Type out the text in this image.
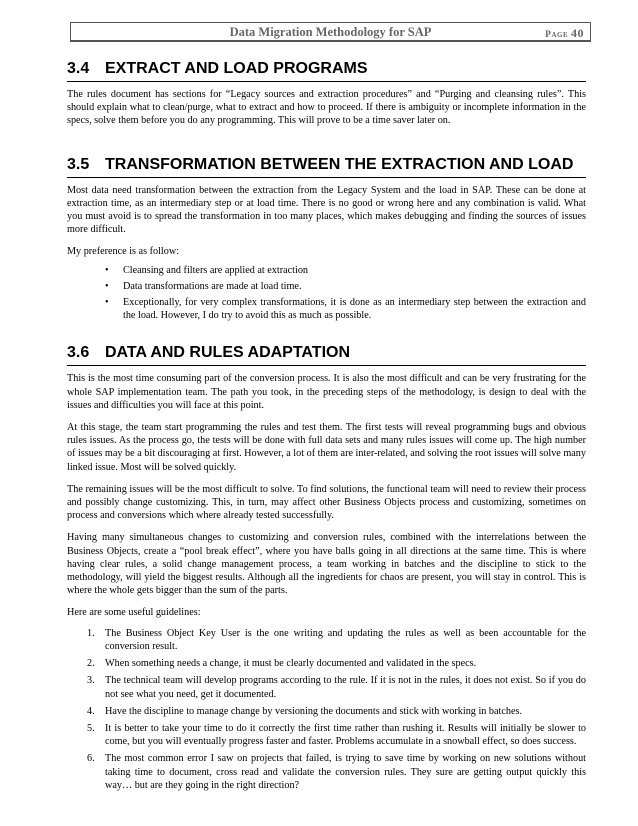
Data Migration Methodology for SAP	Page 40
3.4 EXTRACT AND LOAD PROGRAMS

The rules document has sections for “Legacy sources and extraction procedures” and “Purging and cleansing rules”. This should explain what to clean/purge, what to extract and how to proceed. If there is ambiguity or incomplete information in the specs, solve them before you do any programming. This will prove to be a time saver later on.

3.5 TRANSFORMATION BETWEEN THE EXTRACTION AND LOAD

Most data need transformation between the extraction from the Legacy System and the load in SAP. These can be done at extraction time, as an intermediary step or at load time. There is no good or wrong here and any combination is valid. What you must avoid is to spread the transformation in too many places, which makes debugging and finding the sources of issues more difficult.

My preference is as follow:

• Cleansing and filters are applied at extraction
• Data transformations are made at load time.
• Exceptionally, for very complex transformations, it is done as an intermediary step between the extraction and the load. However, I do try to avoid this as much as possible.
3.6 DATA AND RULES ADAPTATION

This is the most time consuming part of the conversion process. It is also the most difficult and can be very frustrating for the whole SAP implementation team. The path you took, in the preceding steps of the methodology, is design to deal with the issues and difficulties you will face at this point.

At this stage, the team start programming the rules and test them. The first tests will reveal programming bugs and obvious rules issues. As the process go, the tests will be done with full data sets and many rules issues will come up. The high number of issues may be a bit discouraging at first. However, a lot of them are inter-related, and solving the root issues will solve many linked issue. Most will be solved quickly.

The remaining issues will be the most difficult to solve. To find solutions, the functional team will need to review their process and possibly change customizing. This, in turn, may affect other Business Objects process and customizing, sometimes on process and conversions which where already tested successfully.

Having many simultaneous changes to customizing and conversion rules, combined with the interrelations between the Business Objects, create a “pool break effect”, where you have balls going in all directions at the same time. This is where having clear rules, a solid change management process, a team working in batches and the discipline to stick to the methodology, will yield the biggest results. Although all the ingredients for chaos are present, you will stay in control. This is where the whole gets bigger than the sum of the parts.

Here are some useful guidelines:

1. The Business Object Key User is the one writing and updating the rules as well as been accountable for the conversion result.
2. When something needs a change, it must be clearly documented and validated in the specs.
3. The technical team will develop programs according to the rule. If it is not in the rules, it does not exist. So if you do not see what you need, get it documented.
4. Have the discipline to manage change by versioning the documents and stick with working in batches.
5. It is better to take your time to do it correctly the first time rather than rushing it. Results will initially be slower to come, but you will eventually progress faster and faster. Problems accumulate in a snowball effect, so does success.
6. The most common error I saw on projects that failed, is trying to save time by working on new solutions without taking time to document, cross read and validate the conversion rules. They sure are getting output quickly this way… but are they going in the right direction?
